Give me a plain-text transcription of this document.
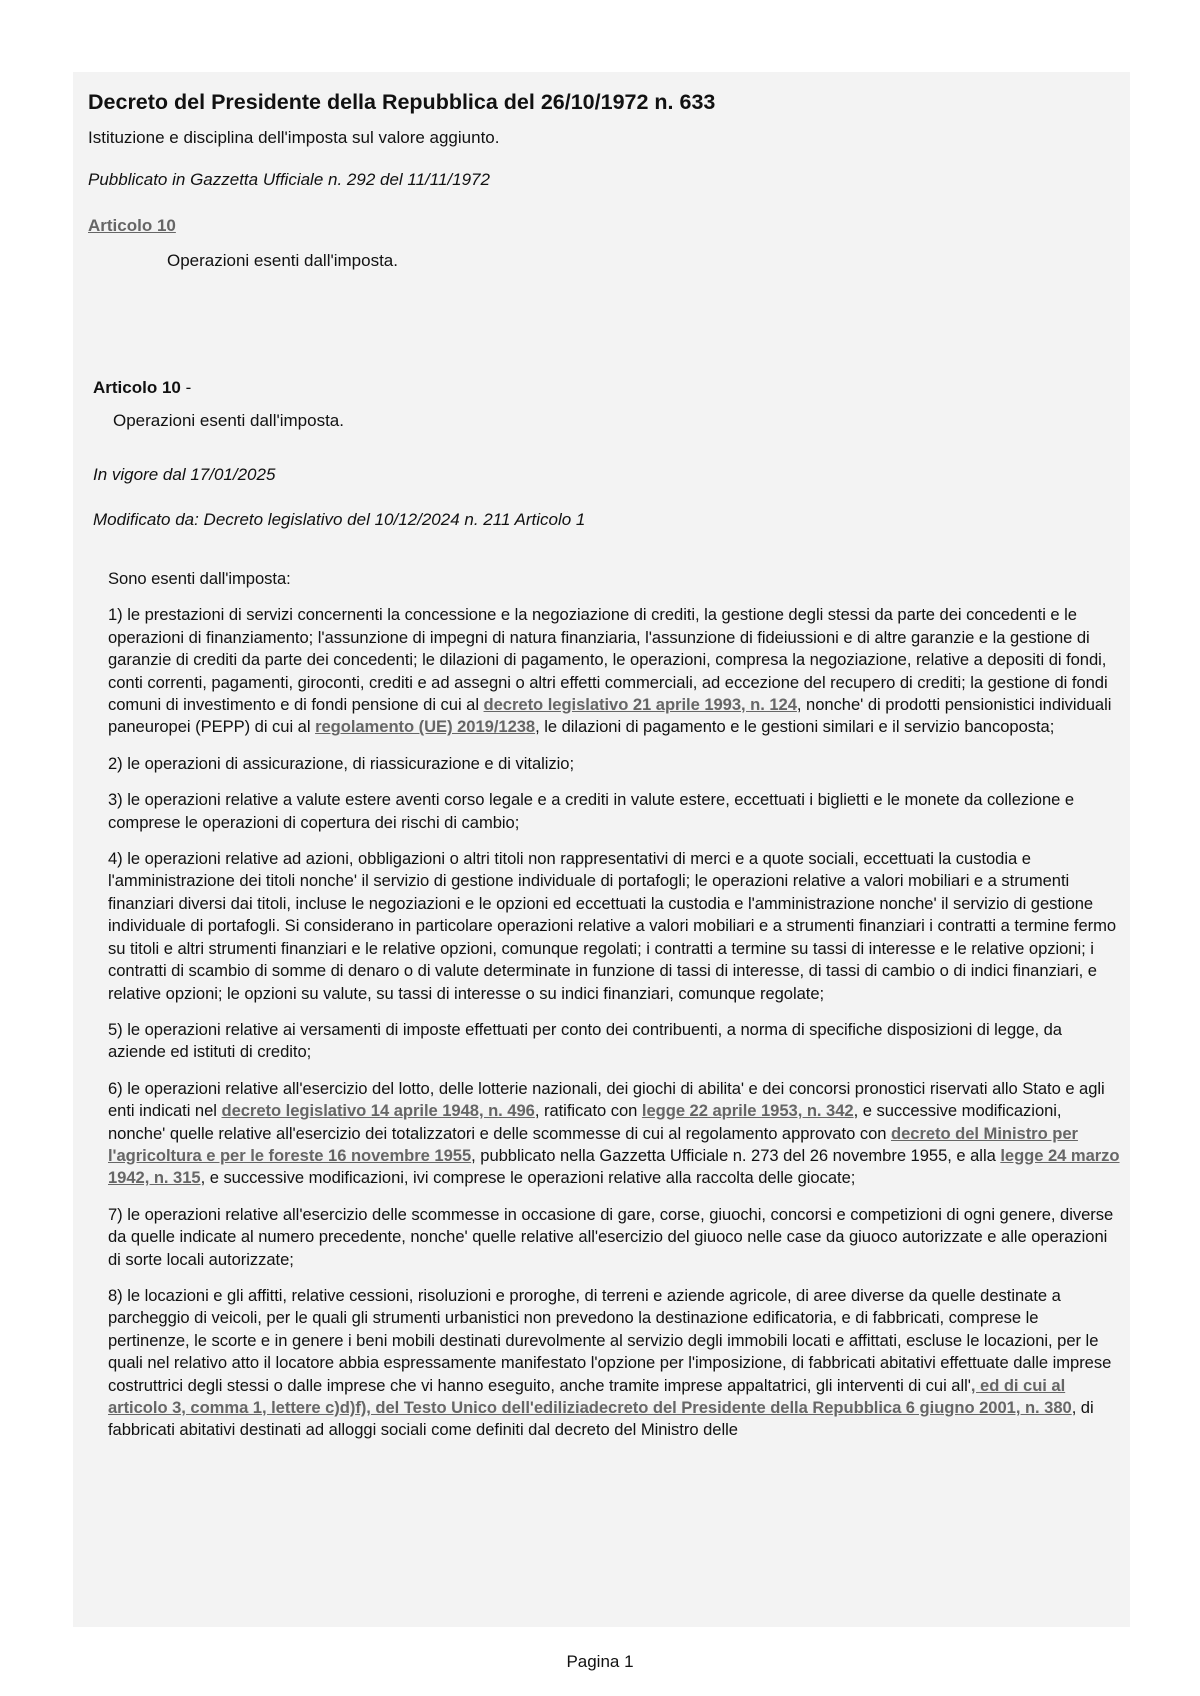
Decreto del Presidente della Repubblica del 26/10/1972 n. 633
Istituzione e disciplina dell'imposta sul valore aggiunto.
Pubblicato in Gazzetta Ufficiale n. 292 del 11/11/1972
Articolo 10
Operazioni esenti dall'imposta.
Articolo 10 -
Operazioni esenti dall'imposta.
In vigore dal 17/01/2025
Modificato da: Decreto legislativo del 10/12/2024 n. 211 Articolo 1

Sono esenti dall'imposta:

1) le prestazioni di servizi concernenti la concessione e la negoziazione di crediti, la gestione degli stessi da parte dei concedenti e le operazioni di finanziamento; l'assunzione di impegni di natura finanziaria, l'assunzione di fideiussioni e di altre garanzie e la gestione di garanzie di crediti da parte dei concedenti; le dilazioni di pagamento, le operazioni, compresa la negoziazione, relative a depositi di fondi, conti correnti, pagamenti, giroconti, crediti e ad assegni o altri effetti commerciali, ad eccezione del recupero di crediti; la gestione di fondi comuni di investimento e di fondi pensione di cui al decreto legislativo 21 aprile 1993, n. 124, nonche' di prodotti pensionistici individuali paneuropei (PEPP) di cui al regolamento (UE) 2019/1238, le dilazioni di pagamento e le gestioni similari e il servizio bancoposta;

2) le operazioni di assicurazione, di riassicurazione e di vitalizio;

3) le operazioni relative a valute estere aventi corso legale e a crediti in valute estere, eccettuati i biglietti e le monete da collezione e comprese le operazioni di copertura dei rischi di cambio;

4) le operazioni relative ad azioni, obbligazioni o altri titoli non rappresentativi di merci e a quote sociali, eccettuati la custodia e l'amministrazione dei titoli nonche' il servizio di gestione individuale di portafogli; le operazioni relative a valori mobiliari e a strumenti finanziari diversi dai titoli, incluse le negoziazioni e le opzioni ed eccettuati la custodia e l'amministrazione nonche' il servizio di gestione individuale di portafogli. Si considerano in particolare operazioni relative a valori mobiliari e a strumenti finanziari i contratti a termine fermo su titoli e altri strumenti finanziari e le relative opzioni, comunque regolati; i contratti a termine su tassi di interesse e le relative opzioni; i contratti di scambio di somme di denaro o di valute determinate in funzione di tassi di interesse, di tassi di cambio o di indici finanziari, e relative opzioni; le opzioni su valute, su tassi di interesse o su indici finanziari, comunque regolate;

5) le operazioni relative ai versamenti di imposte effettuati per conto dei contribuenti, a norma di specifiche disposizioni di legge, da aziende ed istituti di credito;

6) le operazioni relative all'esercizio del lotto, delle lotterie nazionali, dei giochi di abilita' e dei concorsi pronostici riservati allo Stato e agli enti indicati nel decreto legislativo 14 aprile 1948, n. 496, ratificato con legge 22 aprile 1953, n. 342, e successive modificazioni, nonche' quelle relative all'esercizio dei totalizzatori e delle scommesse di cui al regolamento approvato con decreto del Ministro per l'agricoltura e per le foreste 16 novembre 1955, pubblicato nella Gazzetta Ufficiale n. 273 del 26 novembre 1955, e alla legge 24 marzo 1942, n. 315, e successive modificazioni, ivi comprese le operazioni relative alla raccolta delle giocate;

7) le operazioni relative all'esercizio delle scommesse in occasione di gare, corse, giuochi, concorsi e competizioni di ogni genere, diverse da quelle indicate al numero precedente, nonche' quelle relative all'esercizio del giuoco nelle case da giuoco autorizzate e alle operazioni di sorte locali autorizzate;

8) le locazioni e gli affitti, relative cessioni, risoluzioni e proroghe, di terreni e aziende agricole, di aree diverse da quelle destinate a parcheggio di veicoli, per le quali gli strumenti urbanistici non prevedono la destinazione edificatoria, e di fabbricati, comprese le pertinenze, le scorte e in genere i beni mobili destinati durevolmente al servizio degli immobili locati e affittati, escluse le locazioni, per le quali nel relativo atto il locatore abbia espressamente manifestato l'opzione per l'imposizione, di fabbricati abitativi effettuate dalle imprese costruttrici degli stessi o dalle imprese che vi hanno eseguito, anche tramite imprese appaltatrici, gli interventi di cui all', ed di cui al articolo 3, comma 1, lettere c)d)f), del Testo Unico dell'ediliziadecreto del Presidente della Repubblica 6 giugno 2001, n. 380, di fabbricati abitativi destinati ad alloggi sociali come definiti dal decreto del Ministro delle

Pagina 1
